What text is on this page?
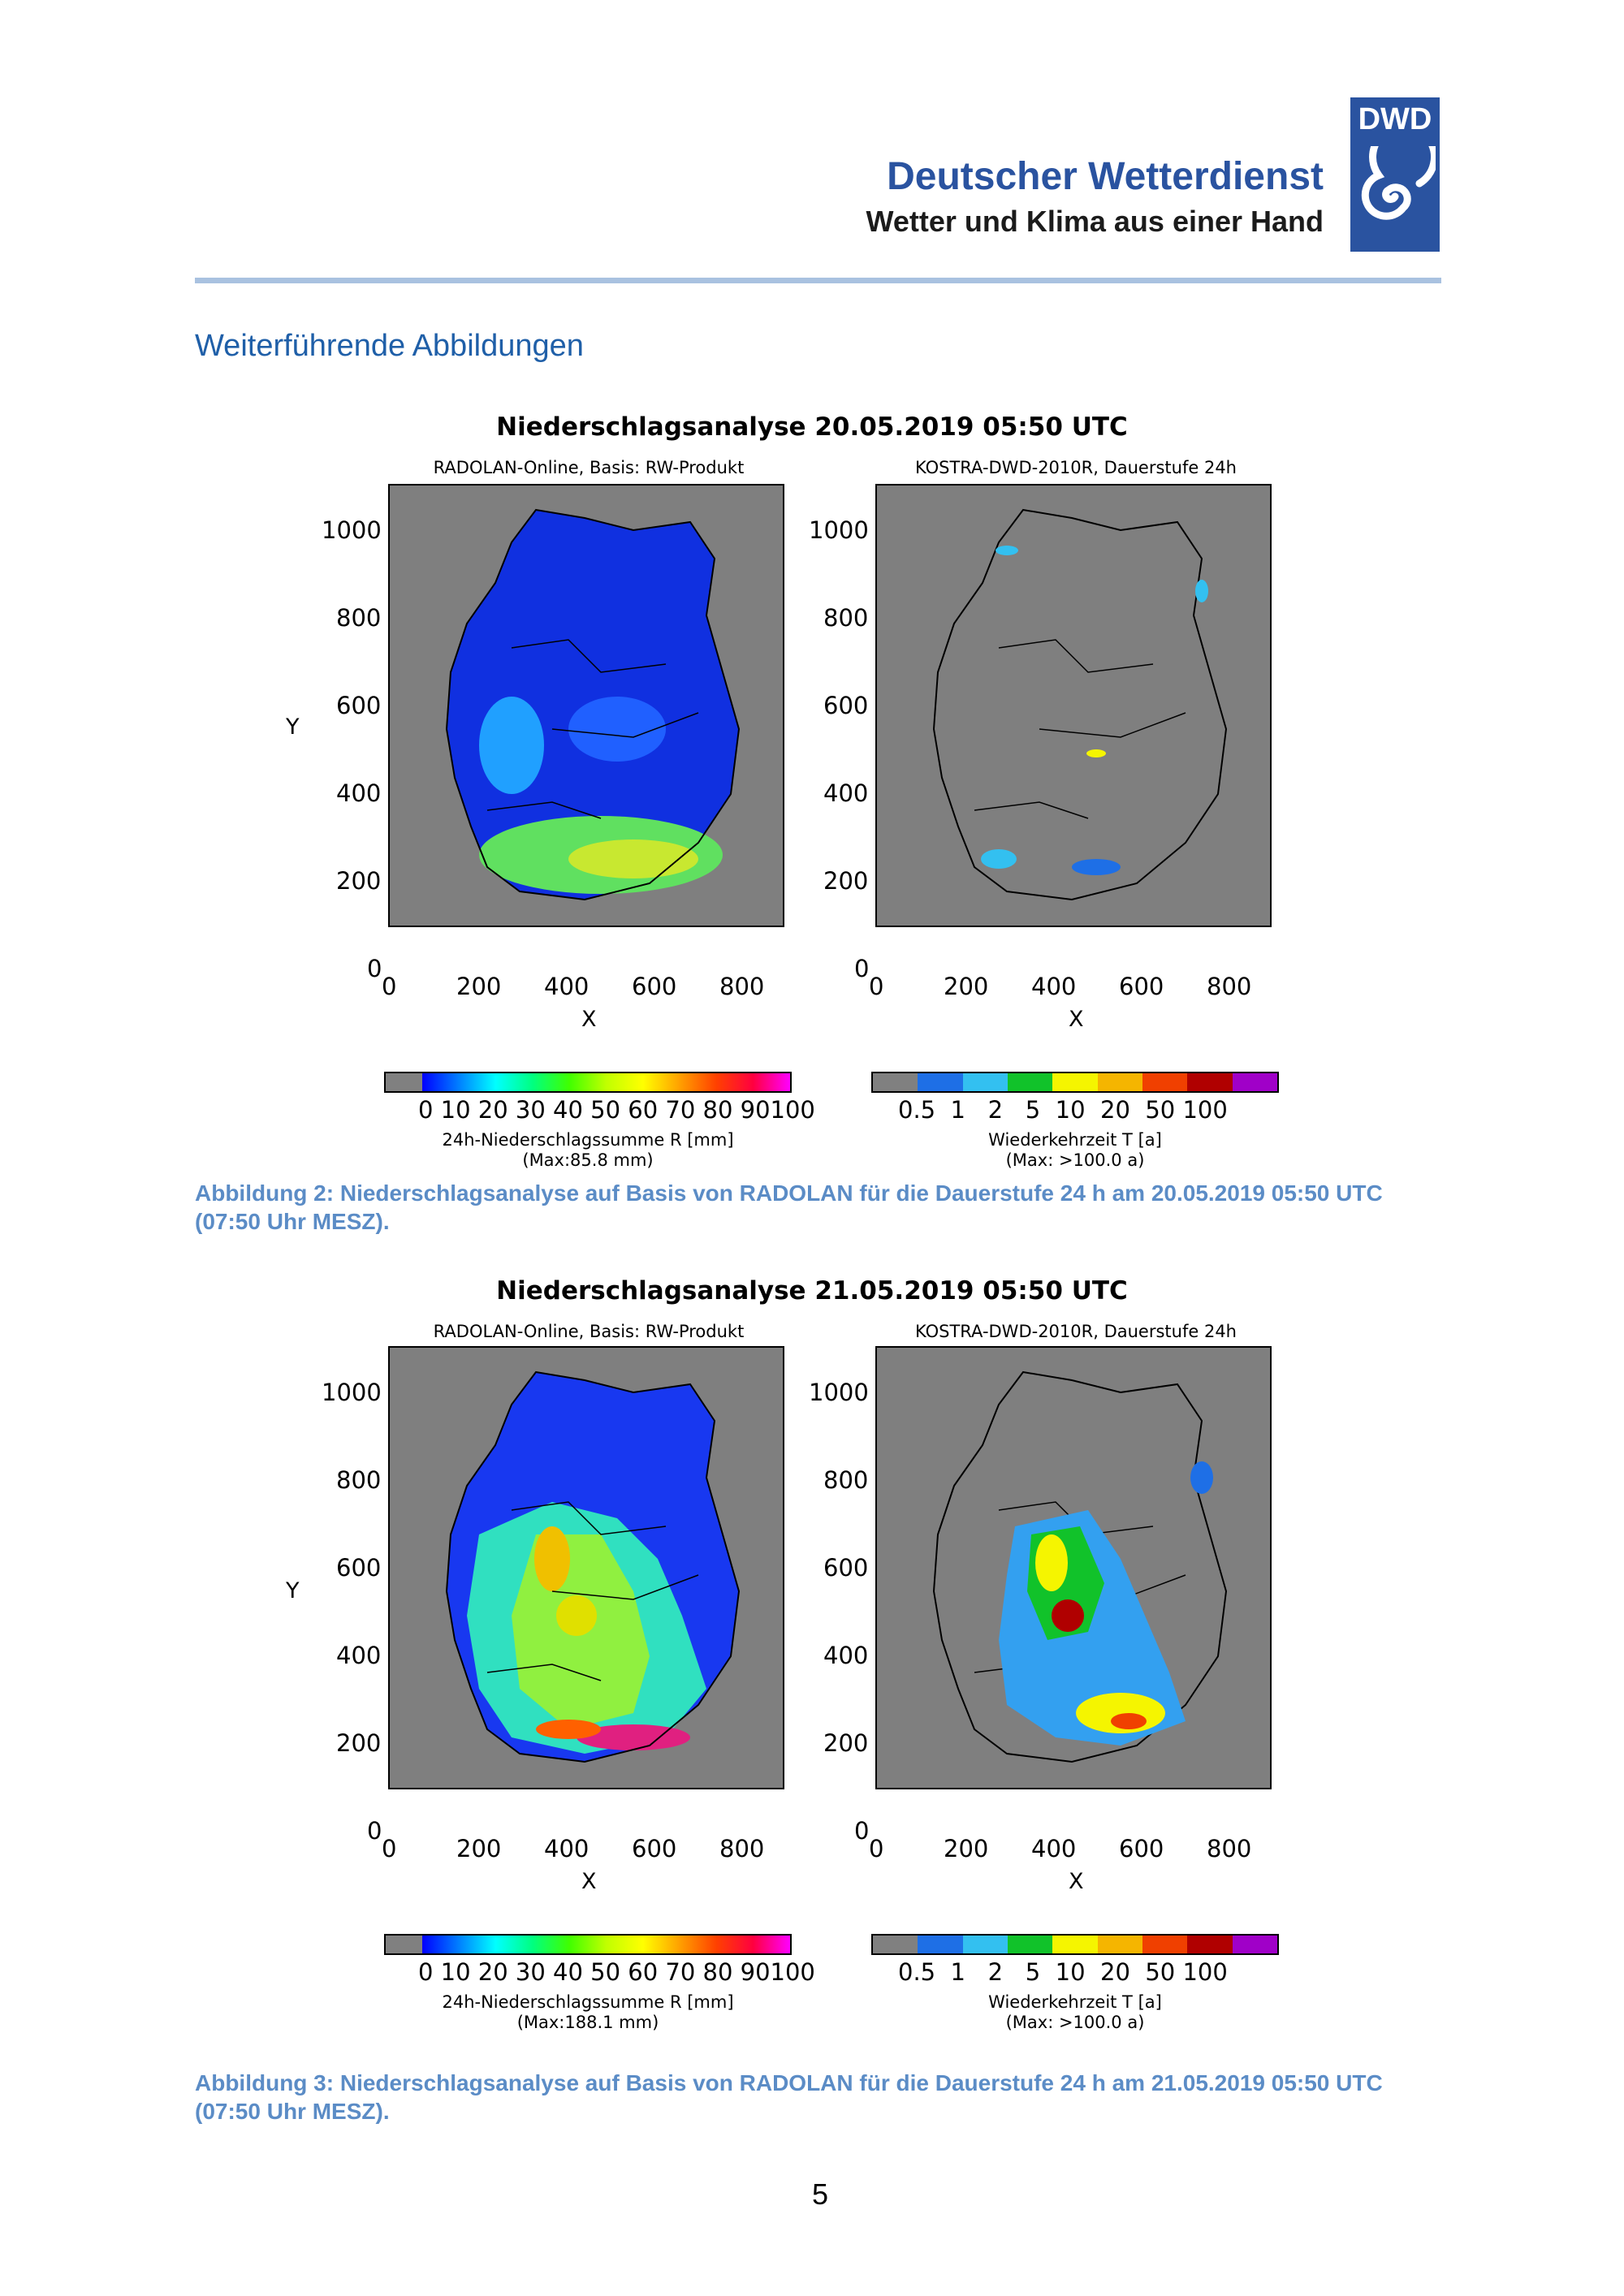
Deutscher Wetterdienst
Wetter und Klima aus einer Hand
DWD
Weiterführende Abbildungen
Niederschlagsanalyse 20.05.2019 05:50 UTC
RADOLAN-Online, Basis: RW-Produkt
Y
1000
800
600
400
200
0
0	200 400 600 800
X
KOSTRA-DWD-2010R, Dauerstufe 24h
1000
800
600
400
200
0
0	200 400 600 800
X
0 10 20 30 40 50 60 70 80 90100
24h-Niederschlagssumme R [mm]
(Max:85.8 mm)
0.5  1   2   5  10  20  50 100
Wiederkehrzeit T [a]
(Max: >100.0 a)
Abbildung 2: Niederschlagsanalyse auf Basis von RADOLAN für die Dauerstufe 24 h am 20.05.2019 05:50 UTC (07:50 Uhr MESZ).
Niederschlagsanalyse 21.05.2019 05:50 UTC
RADOLAN-Online, Basis: RW-Produkt
Y
1000
800
600
400
200
0
0	200 400 600 800
X
KOSTRA-DWD-2010R, Dauerstufe 24h
1000
800
600
400
200
0
0	200 400 600 800
X
0 10 20 30 40 50 60 70 80 90100
24h-Niederschlagssumme R [mm]
(Max:188.1 mm)
0.5  1   2   5  10  20  50 100
Wiederkehrzeit T [a]
(Max: >100.0 a)
Abbildung 3: Niederschlagsanalyse auf Basis von RADOLAN für die Dauerstufe 24 h am 21.05.2019 05:50 UTC (07:50 Uhr MESZ).
5
